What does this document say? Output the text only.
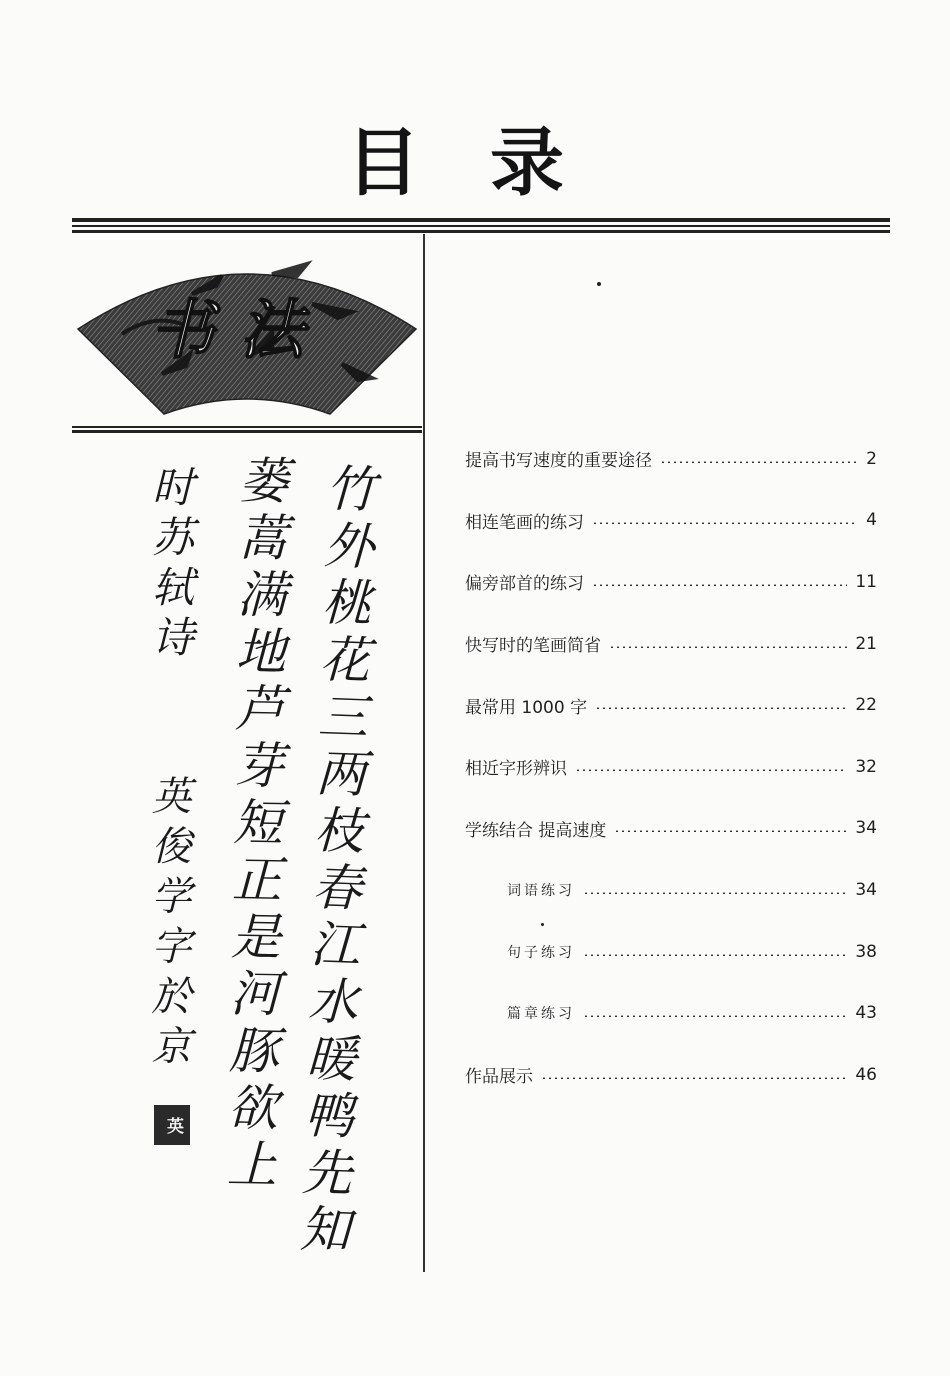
目录
书法
竹外桃花三两枝春江水暖鸭先知
蒌蒿满地芦芽短正是河豚欲上
时苏轼诗
英俊学字於京
英
提高书写速度的重要途径	2
相连笔画的练习	4
偏旁部首的练习	11
快写时的笔画简省	21
最常用 1000 字	22
相近字形辨识	32
学练结合 提高速度	34
词语练习	34
句子练习	38
篇章练习	43
作品展示	46
